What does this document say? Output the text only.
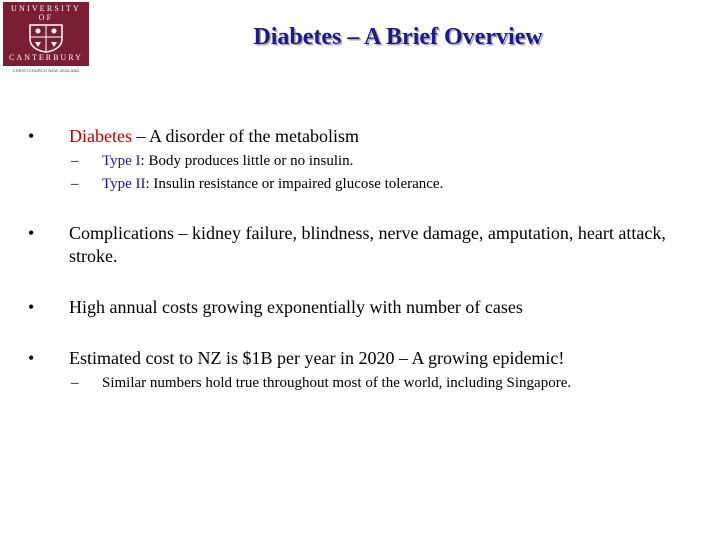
UNIVERSITY OF
CANTERBURY
CHRISTCHURCH NEW ZEALAND
Diabetes – A Brief Overview
•	Diabetes – A disorder of the metabolism
– Type I: Body produces little or no insulin.
– Type II: Insulin resistance or impaired glucose tolerance.
•	Complications – kidney failure, blindness, nerve damage, amputation, heart attack, stroke.
•	High annual costs growing exponentially with number of cases
•	Estimated cost to NZ is $1B per year in 2020 – A growing epidemic!
– Similar numbers hold true throughout most of the world, including Singapore.
